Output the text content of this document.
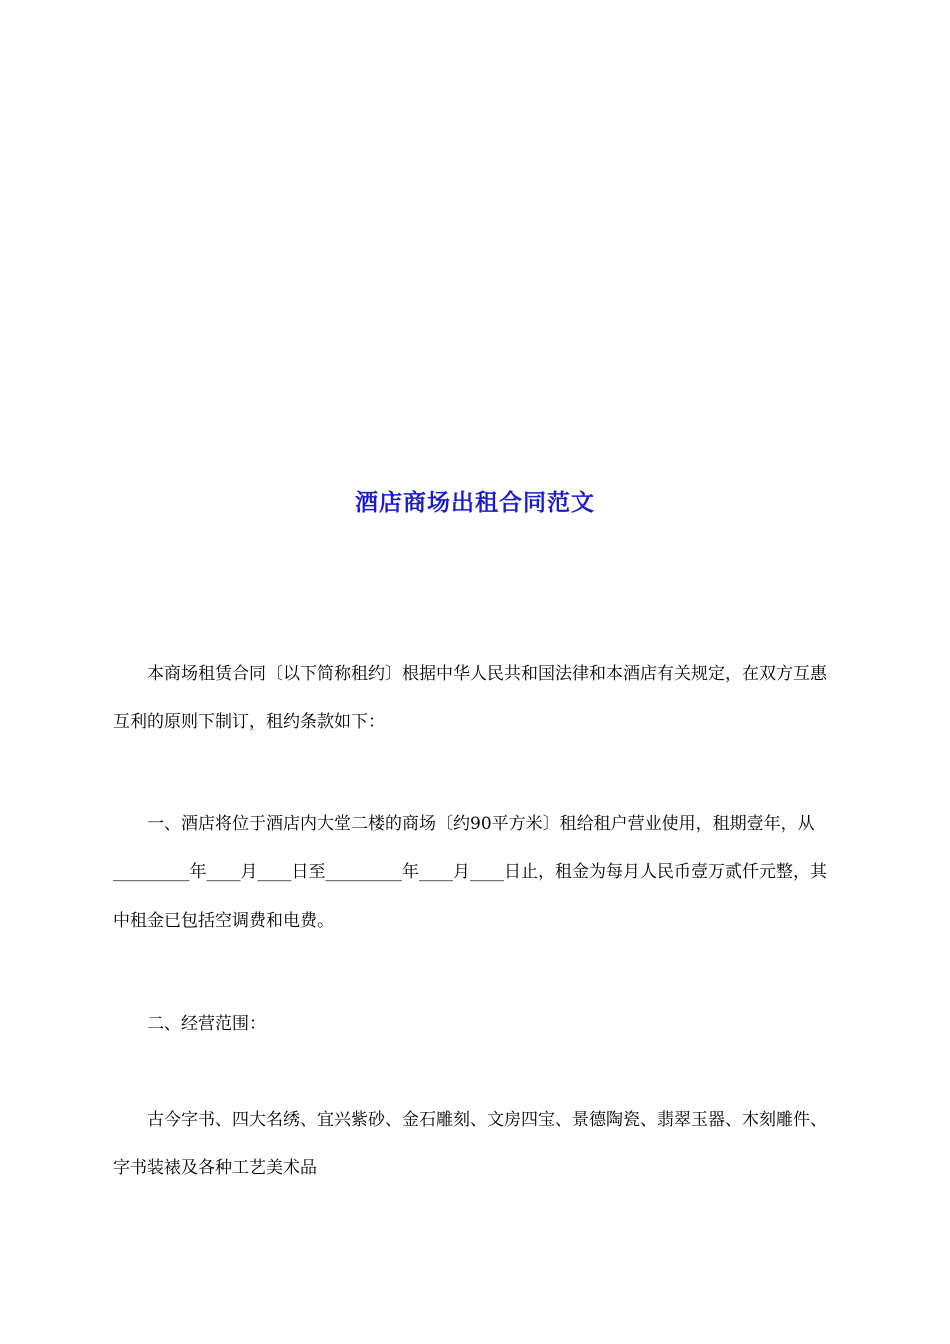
酒店商场出租合同范文
本商场租赁合同〔以下简称租约〕根据中华人民共和国法律和本酒店有关规定，在双方互惠互利的原则下制订，租约条款如下：
一、酒店将位于酒店内大堂二楼的商场〔约90平方米〕租给租户营业使用，租期壹年，从_________年____月____日至_________年____月____日止，租金为每月人民币壹万贰仟元整，其中租金已包括空调费和电费。
二、经营范围：
古今字书、四大名绣、宜兴紫砂、金石雕刻、文房四宝、景德陶瓷、翡翠玉器、木刻雕件、字书装裱及各种工艺美术品
